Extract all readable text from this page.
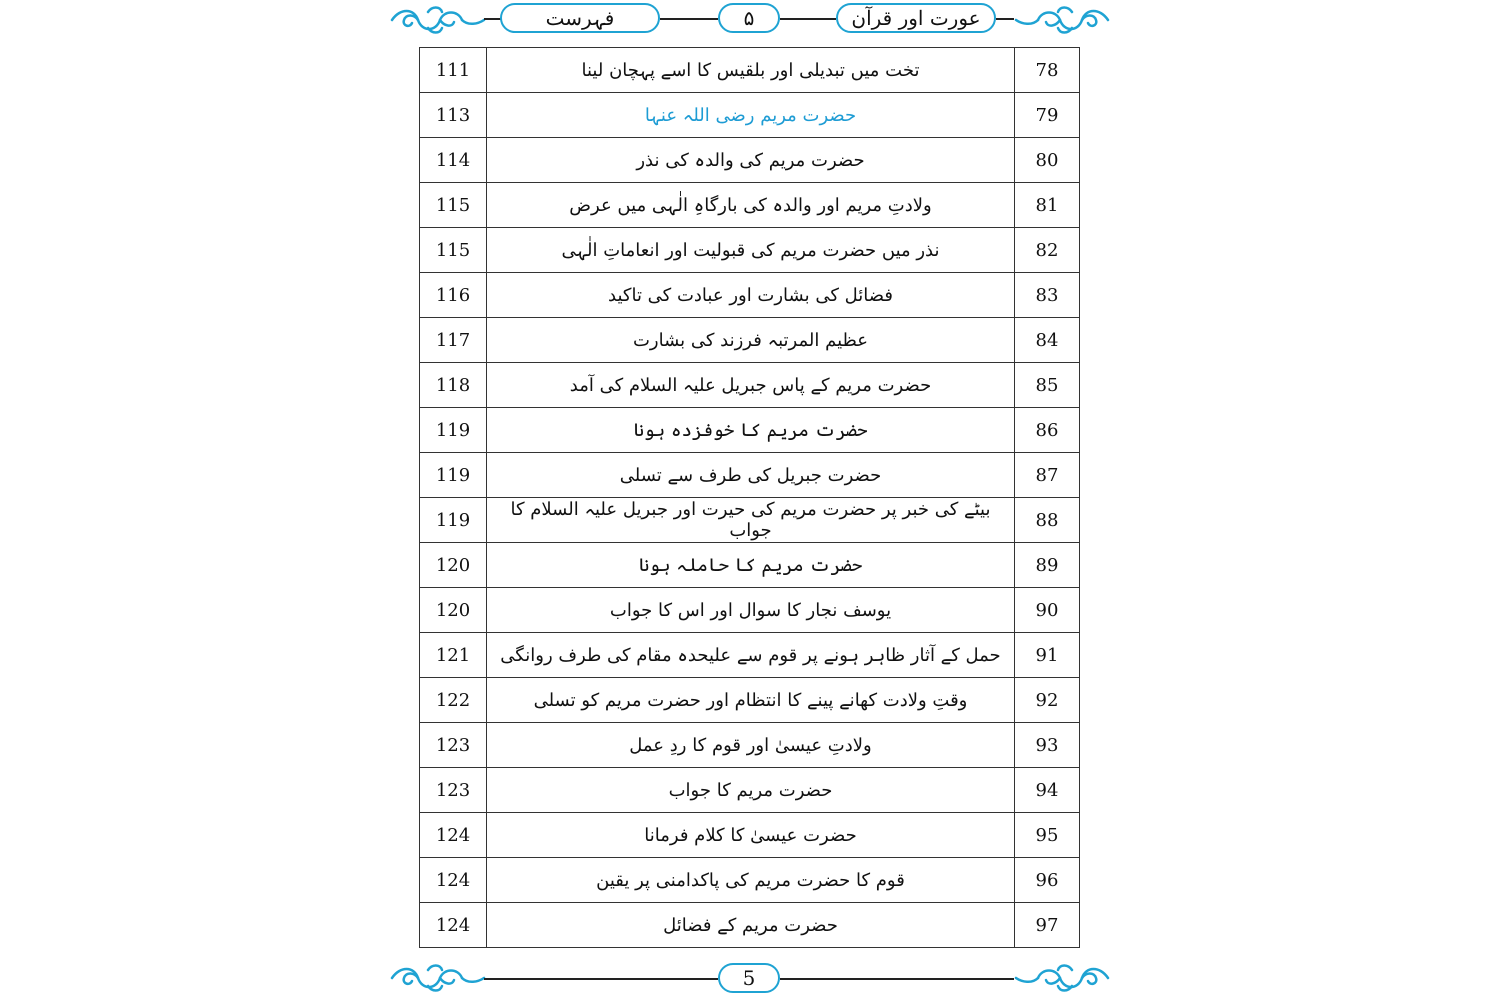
فہرست	۵	عورت اور قرآن
111	تخت میں تبدیلی اور بلقیس کا اسے پہچان لینا	78
113	حضرت مریم رضی اللہ عنہا	79
114	حضرت مریم کی والدہ کی نذر	80
115	ولادتِ مریم اور والدہ کی بارگاہِ الٰہی میں عرض	81
115	نذر میں حضرت مریم کی قبولیت اور انعاماتِ الٰہی	82
116	فضائل کی بشارت اور عبادت کی تاکید	83
117	عظیم المرتبہ فرزند کی بشارت	84
118	حضرت مریم کے پاس جبریل علیہ السلام کی آمد	85
119	حضرت مریم کا خوفزدہ ہونا	86
119	حضرت جبریل کی طرف سے تسلی	87
119	بیٹے کی خبر پر حضرت مریم کی حیرت اور جبریل علیہ السلام کا جواب	88
120	حضرت مریم کا حاملہ ہونا	89
120	یوسف نجار کا سوال اور اس کا جواب	90
121	حمل کے آثار ظاہر ہونے پر قوم سے علیحدہ مقام کی طرف روانگی	91
122	وقتِ ولادت کھانے پینے کا انتظام اور حضرت مریم کو تسلی	92
123	ولادتِ عیسیٰ اور قوم کا ردِ عمل	93
123	حضرت مریم کا جواب	94
124	حضرت عیسیٰ کا کلام فرمانا	95
124	قوم کا حضرت مریم کی پاکدامنی پر یقین	96
124	حضرت مریم کے فضائل	97
5
